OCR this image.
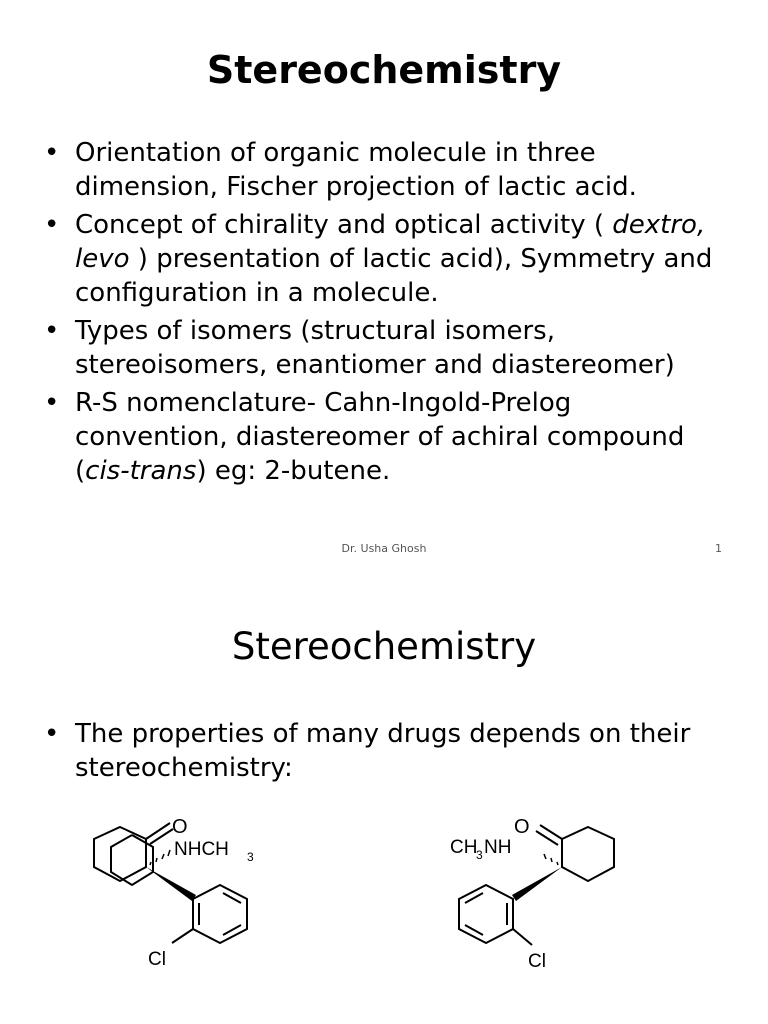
Stereochemistry
• Orientation of organic molecule in three dimension, Fischer projection of lactic acid.
• Concept of chirality and optical activity ( dextro, levo ) presentation of lactic acid), Symmetry and configuration in a molecule.
• Types of isomers (structural isomers, stereoisomers, enantiomer and diastereomer)
• R-S nomenclature- Cahn-Ingold-Prelog convention, diastereomer of achiral compound (cis-trans) eg: 2-butene.
Dr. Usha Ghosh	1
Stereochemistry
• The properties of many drugs depends on their stereochemistry:
O
NHCH 3
Cl
O
CH
3 NH
Cl
